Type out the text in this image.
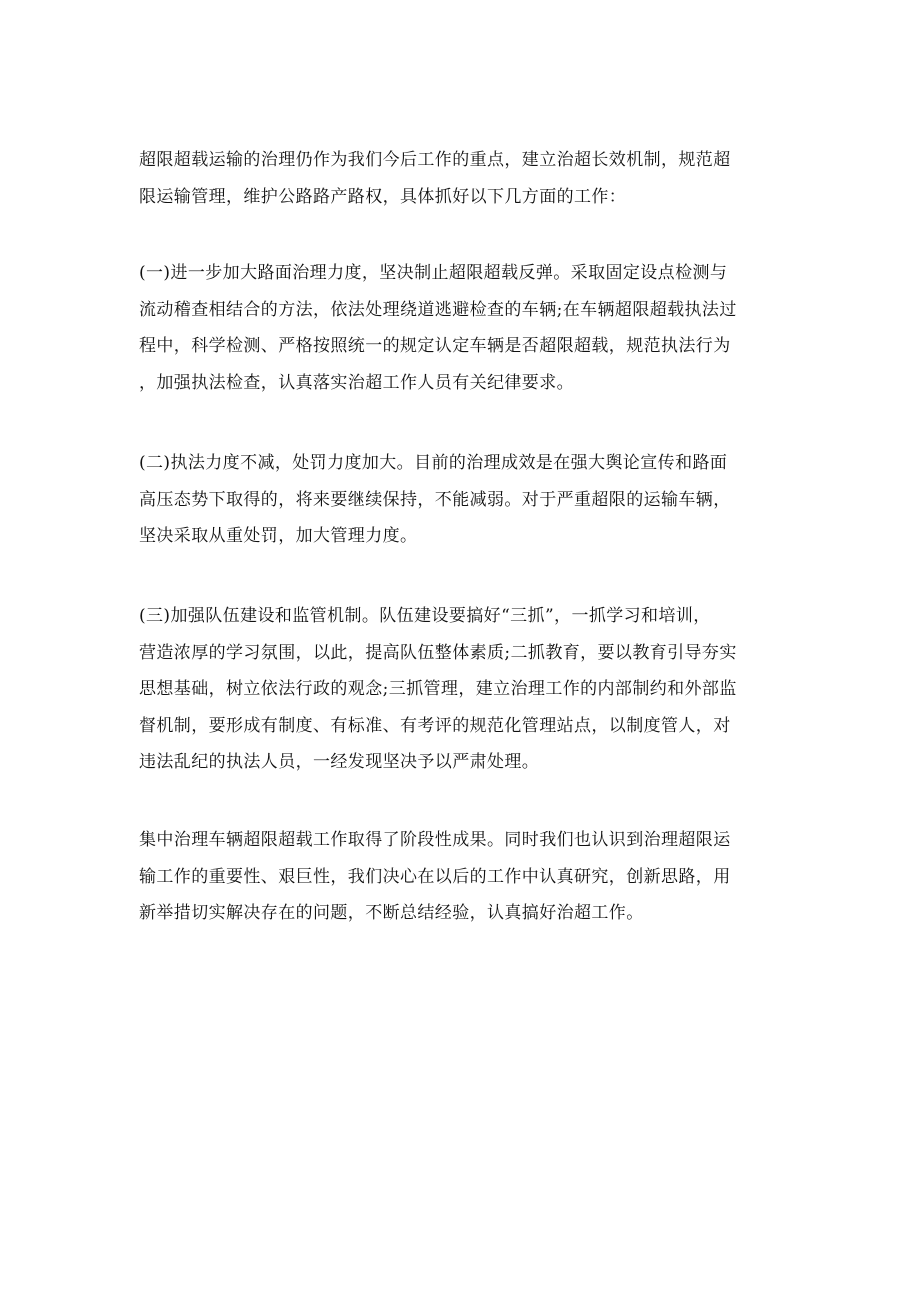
超限超载运输的治理仍作为我们今后工作的重点，建立治超长效机制，规范超
限运输管理，维护公路路产路权，具体抓好以下几方面的工作：

(一)进一步加大路面治理力度，坚决制止超限超载反弹。采取固定设点检测与
流动稽查相结合的方法，依法处理绕道逃避检查的车辆;在车辆超限超载执法过
程中，科学检测、严格按照统一的规定认定车辆是否超限超载，规范执法行为
，加强执法检查，认真落实治超工作人员有关纪律要求。

(二)执法力度不减，处罚力度加大。目前的治理成效是在强大舆论宣传和路面
高压态势下取得的，将来要继续保持，不能减弱。对于严重超限的运输车辆，
坚决采取从重处罚，加大管理力度。

(三)加强队伍建设和监管机制。队伍建设要搞好“三抓”，一抓学习和培训，
营造浓厚的学习氛围，以此，提高队伍整体素质;二抓教育，要以教育引导夯实
思想基础，树立依法行政的观念;三抓管理，建立治理工作的内部制约和外部监
督机制，要形成有制度、有标准、有考评的规范化管理站点，以制度管人，对
违法乱纪的执法人员，一经发现坚决予以严肃处理。

集中治理车辆超限超载工作取得了阶段性成果。同时我们也认识到治理超限运
输工作的重要性、艰巨性，我们决心在以后的工作中认真研究，创新思路，用
新举措切实解决存在的问题，不断总结经验，认真搞好治超工作。
